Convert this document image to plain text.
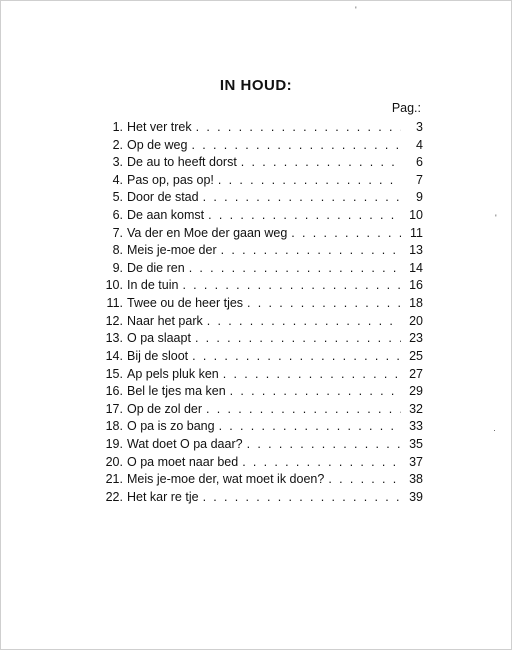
IN HOUD:
Pag.:
1. Het ver trek . . .	3
2. Op de weg . . .	4
3. De au to heeft dorst . . .	6
4. Pas op, pas op! . . .	7
5. Door de stad . . .	9
6. De aan komst . . .	10
7. Va der en Moe der gaan weg . . .	11
8. Meis je-moe der . . .	13
9. De die ren . . .	14
10. In de tuin . . .	16
11. Twee ou de heer tjes . . .	18
12. Naar het park . . .	20
13. O pa slaapt . . .	23
14. Bij de sloot . . .	25
15. Ap pels pluk ken . . .	27
16. Bel le tjes ma ken . . .	29
17. Op de zol der . . .	32
18. O pa is zo bang . . .	33
19. Wat doet O pa daar? . . .	35
20. O pa moet naar bed . . .	37
21. Meis je-moe der, wat moet ik doen? . . .	38
22. Het kar re tje . . .	39
'
·
'
